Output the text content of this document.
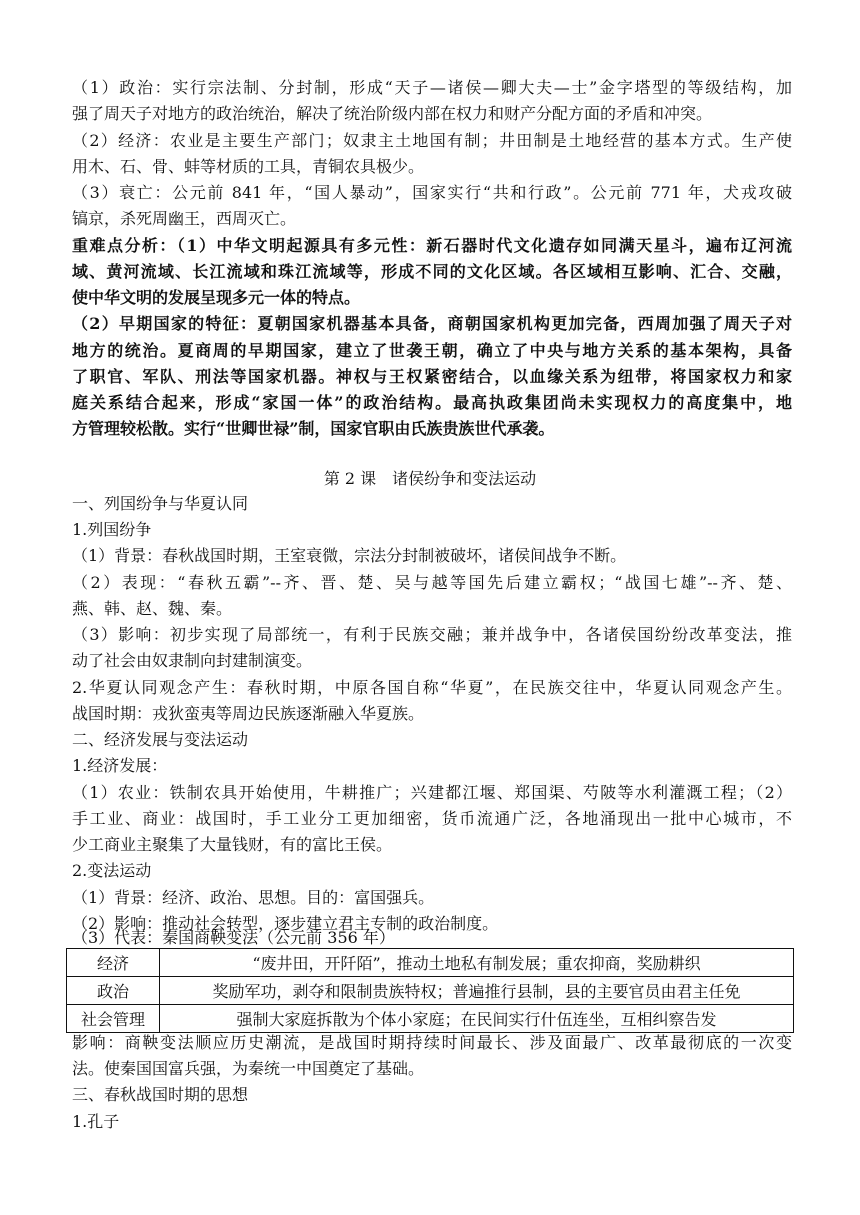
（1）政治：实行宗法制、分封制，形成“天子—诸侯—卿大夫—士”金字塔型的等级结构，加
强了周天子对地方的政治统治，解决了统治阶级内部在权力和财产分配方面的矛盾和冲突。
（2）经济：农业是主要生产部门；奴隶主土地国有制；井田制是土地经营的基本方式。生产使
用木、石、骨、蚌等材质的工具，青铜农具极少。
（3）衰亡：公元前 841 年，“国人暴动”，国家实行“共和行政”。公元前 771 年，犬戎攻破
镐京，杀死周幽王，西周灭亡。
重难点分析：（1）中华文明起源具有多元性：新石器时代文化遗存如同满天星斗，遍布辽河流
域、黄河流域、长江流域和珠江流域等，形成不同的文化区域。各区域相互影响、汇合、交融，
使中华文明的发展呈现多元一体的特点。
（2）早期国家的特征：夏朝国家机器基本具备，商朝国家机构更加完备，西周加强了周天子对
地方的统治。夏商周的早期国家，建立了世袭王朝，确立了中央与地方关系的基本架构，具备
了职官、军队、刑法等国家机器。神权与王权紧密结合，以血缘关系为纽带，将国家权力和家
庭关系结合起来，形成“家国一体”的政治结构。最高执政集团尚未实现权力的高度集中，地
方管理较松散。实行“世卿世禄”制，国家官职由氏族贵族世代承袭。
第 2 课　诸侯纷争和变法运动
一、列国纷争与华夏认同
1.列国纷争
（1）背景：春秋战国时期，王室衰微，宗法分封制被破坏，诸侯间战争不断。
（2）表现：“春秋五霸”--齐、晋、楚、吴与越等国先后建立霸权；“战国七雄”--齐、楚、
燕、韩、赵、魏、秦。
（3）影响：初步实现了局部统一，有利于民族交融；兼并战争中，各诸侯国纷纷改革变法，推
动了社会由奴隶制向封建制演变。
2.华夏认同观念产生：春秋时期，中原各国自称“华夏”，在民族交往中，华夏认同观念产生。
战国时期：戎狄蛮夷等周边民族逐渐融入华夏族。
二、经济发展与变法运动
1.经济发展：
（1）农业：铁制农具开始使用，牛耕推广；兴建都江堰、郑国渠、芍陂等水利灌溉工程；（2）
手工业、商业：战国时，手工业分工更加细密，货币流通广泛，各地涌现出一批中心城市，不
少工商业主聚集了大量钱财，有的富比王侯。
2.变法运动
（1）背景：经济、政治、思想。目的：富国强兵。
（2）影响：推动社会转型，逐步建立君主专制的政治制度。
（3）代表：秦国商鞅变法（公元前 356 年）
经济	“废井田，开阡陌”，推动土地私有制发展；重农抑商，奖励耕织
政治	奖励军功，剥夺和限制贵族特权；普遍推行县制，县的主要官员由君主任免
社会管理	强制大家庭拆散为个体小家庭；在民间实行什伍连坐，互相纠察告发
影响：商鞅变法顺应历史潮流，是战国时期持续时间最长、涉及面最广、改革最彻底的一次变
法。使秦国国富兵强，为秦统一中国奠定了基础。
三、春秋战国时期的思想
1.孔子
